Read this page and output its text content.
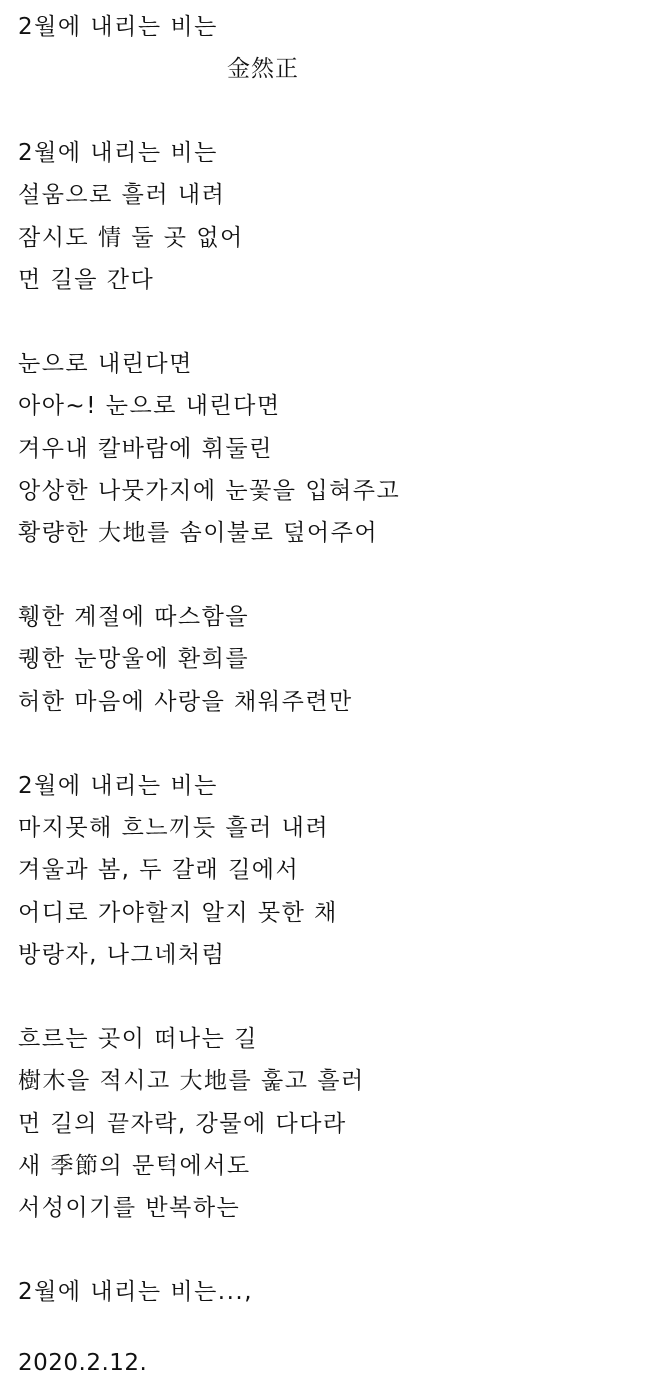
2월에 내리는 비는
金然正
2월에 내리는 비는
설움으로 흘러 내려
잠시도 情 둘 곳 없어
먼 길을 간다
눈으로 내린다면
아아~! 눈으로 내린다면
겨우내 칼바람에 휘둘린
앙상한 나뭇가지에 눈꽃을 입혀주고
황량한 大地를 솜이불로 덮어주어
휑한 계절에 따스함을
퀭한 눈망울에 환희를
허한 마음에 사랑을 채워주련만
2월에 내리는 비는
마지못해 흐느끼듯 흘러 내려
겨울과 봄, 두 갈래 길에서
어디로 가야할지 알지 못한 채
방랑자, 나그네처럼
흐르는 곳이 떠나는 길
樹木을 적시고 大地를 훑고 흘러
먼 길의 끝자락, 강물에 다다라
새 季節의 문턱에서도
서성이기를 반복하는
2월에 내리는 비는...,
2020.2.12.
